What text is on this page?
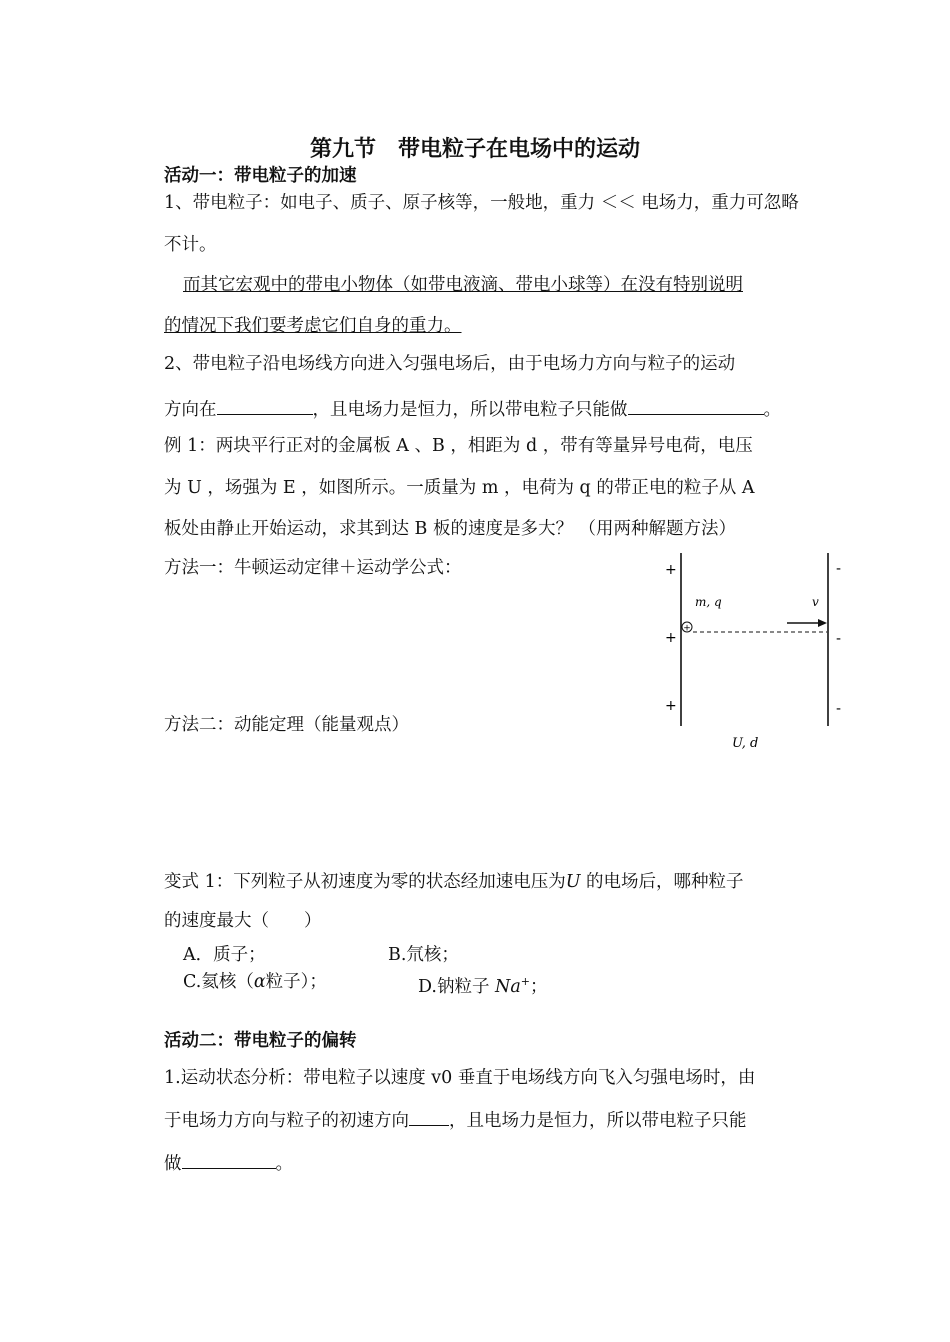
第九节　带电粒子在电场中的运动
活动一：带电粒子的加速
1、带电粒子：如电子、质子、原子核等，一般地，重力 ＜＜ 电场力，重力可忽略
不计。
而其它宏观中的带电小物体（如带电液滴、带电小球等）在没有特别说明
的情况下我们要考虑它们自身的重力。
2、带电粒子沿电场线方向进入匀强电场后，由于电场力方向与粒子的运动
方向在	，且电场力是恒力，所以带电粒子只能做	。
例 1：两块平行正对的金属板 A 、B ，相距为 d ，带有等量异号电荷，电压
为 U ，场强为 E ，如图所示。一质量为 m ，电荷为 q 的带正电的粒子从 A
板处由静止开始运动，求其到达 B 板的速度是多大？ （用两种解题方法）
方法一：牛顿运动定律＋运动学公式：
方法二：动能定理（能量观点）
+
+
+
-
-
-
m, q	v
+
U, d
变式 1：下列粒子从初速度为零的状态经加速电压为U 的电场后，哪种粒子
的速度最大（　　）
A．质子；	B.氘核；
C.氦核（α粒子）；	D.钠粒子 Na+；
活动二：带电粒子的偏转
1.运动状态分析：带电粒子以速度 v0 垂直于电场线方向飞入匀强电场时，由
于电场力方向与粒子的初速方向 ，且电场力是恒力，所以带电粒子只能
做	。
